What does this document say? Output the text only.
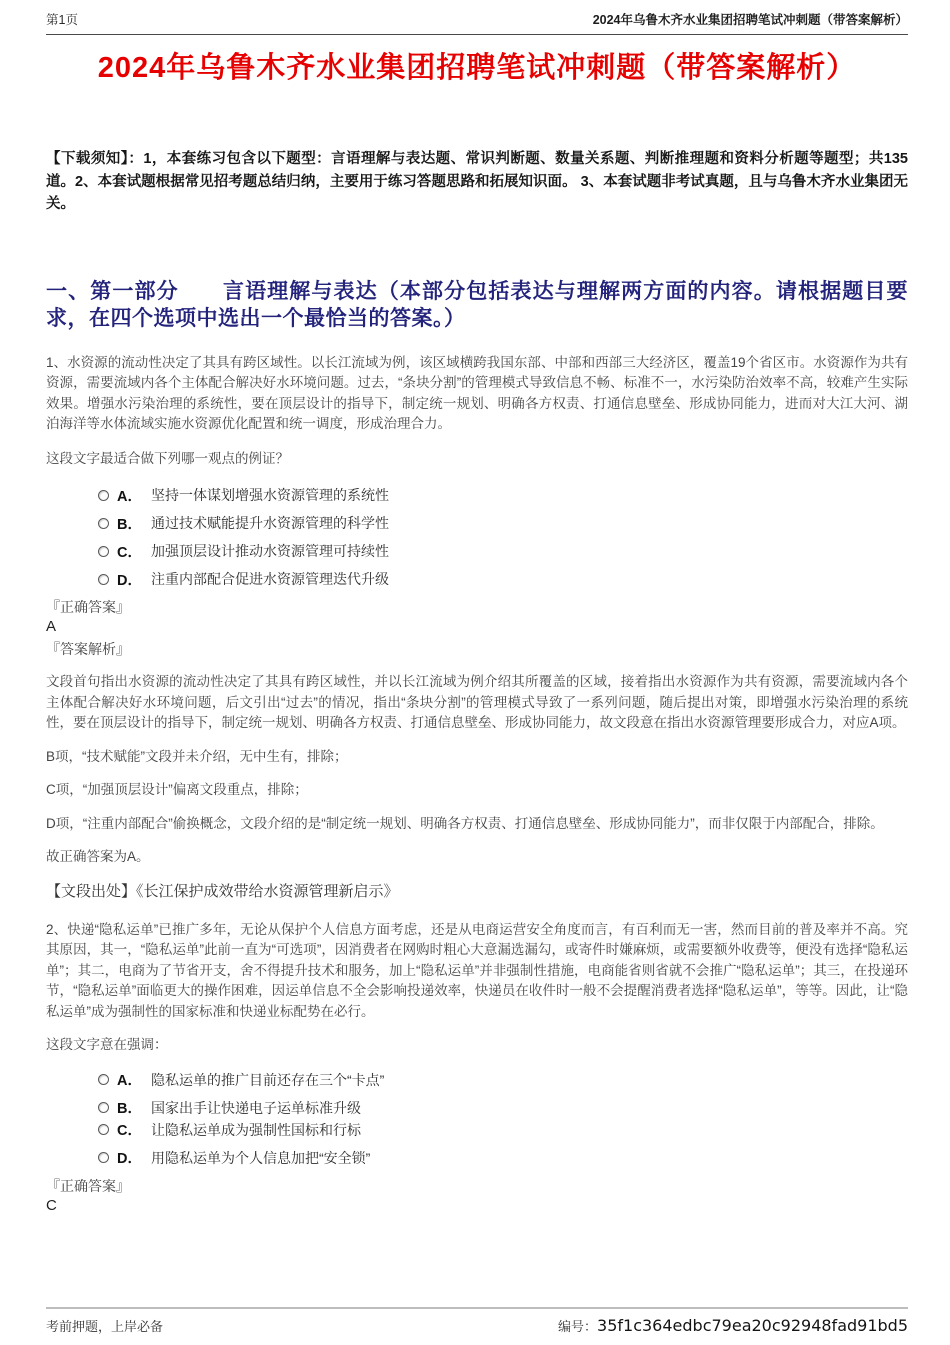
第1页	2024年乌鲁木齐水业集团招聘笔试冲刺题（带答案解析）
2024年乌鲁木齐水业集团招聘笔试冲刺题（带答案解析）

【下载须知】：1，本套练习包含以下题型：言语理解与表达题、常识判断题、数量关系题、判断推理题和资料分析题等题型；共135道。2、本套试题根据常见招考题总结归纳，主要用于练习答题思路和拓展知识面。 3、本套试题非考试真题，且与乌鲁木齐水业集团无关。

一、第一部分　　言语理解与表达（本部分包括表达与理解两方面的内容。请根据题目要求，在四个选项中选出一个最恰当的答案。）

1、水资源的流动性决定了其具有跨区域性。以长江流域为例，该区域横跨我国东部、中部和西部三大经济区，覆盖19个省区市。水资源作为共有资源，需要流域内各个主体配合解决好水环境问题。过去，“条块分割”的管理模式导致信息不畅、标准不一，水污染防治效率不高，较难产生实际效果。增强水污染治理的系统性，要在顶层设计的指导下，制定统一规划、明确各方权责、打通信息壁垒、形成协同能力，进而对大江大河、湖泊海洋等水体流域实施水资源优化配置和统一调度，形成治理合力。

这段文字最适合做下列哪一观点的例证？

A． 坚持一体谋划增强水资源管理的系统性
B． 通过技术赋能提升水资源管理的科学性
C． 加强顶层设计推动水资源管理可持续性
D． 注重内部配合促进水资源管理迭代升级

『正确答案』

A

『答案解析』

文段首句指出水资源的流动性决定了其具有跨区域性，并以长江流域为例介绍其所覆盖的区域，接着指出水资源作为共有资源，需要流域内各个主体配合解决好水环境问题，后文引出“过去”的情况，指出“条块分割”的管理模式导致了一系列问题，随后提出对策，即增强水污染治理的系统性，要在顶层设计的指导下，制定统一规划、明确各方权责、打通信息壁垒、形成协同能力，故文段意在指出水资源管理要形成合力，对应A项。

B项，“技术赋能”文段并未介绍，无中生有，排除；

C项，“加强顶层设计”偏离文段重点，排除；

D项，“注重内部配合”偷换概念，文段介绍的是“制定统一规划、明确各方权责、打通信息壁垒、形成协同能力”，而非仅限于内部配合，排除。

故正确答案为A。

【文段出处】《长江保护成效带给水资源管理新启示》

2、快递“隐私运单”已推广多年，无论从保护个人信息方面考虑，还是从电商运营安全角度而言，有百利而无一害，然而目前的普及率并不高。究其原因，其一，“隐私运单”此前一直为“可选项”，因消费者在网购时粗心大意漏选漏勾，或寄件时嫌麻烦，或需要额外收费等，便没有选择“隐私运单”；其二，电商为了节省开支，舍不得提升技术和服务，加上“隐私运单”并非强制性措施，电商能省则省就不会推广“隐私运单”；其三，在投递环节，“隐私运单”面临更大的操作困难，因运单信息不全会影响投递效率，快递员在收件时一般不会提醒消费者选择“隐私运单”，等等。因此，让“隐私运单”成为强制性的国家标准和快递业标配势在必行。

这段文字意在强调：

A． 隐私运单的推广目前还存在三个“卡点”
B． 国家出手让快递电子运单标准升级
C． 让隐私运单成为强制性国标和行标
D． 用隐私运单为个人信息加把“安全锁”

『正确答案』

C

考前押题，上岸必备	编号：35f1c364edbc79ea20c92948fad91bd5
